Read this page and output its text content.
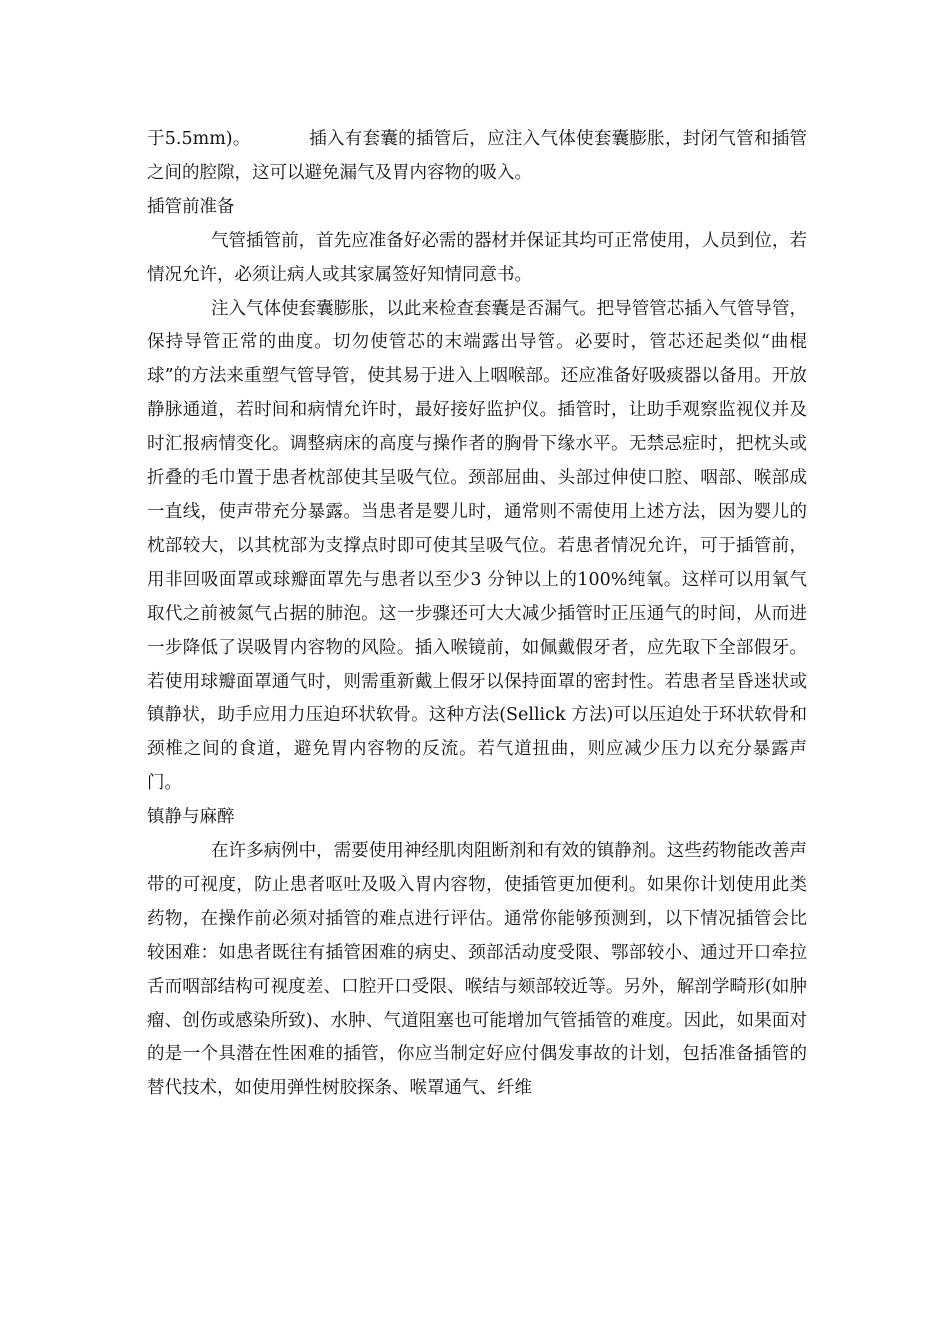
于5.5mm)。          插入有套囊的插管后，应注入气体使套囊膨胀，封闭气管和插管之间的腔隙，这可以避免漏气及胃内容物的吸入。

插管前准备

气管插管前，首先应准备好必需的器材并保证其均可正常使用，人员到位，若情况允许，必须让病人或其家属签好知情同意书。

注入气体使套囊膨胀，以此来检查套囊是否漏气。把导管管芯插入气管导管，保持导管正常的曲度。切勿使管芯的末端露出导管。必要时，管芯还起类似“曲棍球”的方法来重塑气管导管，使其易于进入上咽喉部。还应准备好吸痰器以备用。开放静脉通道，若时间和病情允许时，最好接好监护仪。插管时，让助手观察监视仪并及时汇报病情变化。调整病床的高度与操作者的胸骨下缘水平。无禁忌症时，把枕头或折叠的毛巾置于患者枕部使其呈吸气位。颈部屈曲、头部过伸使口腔、咽部、喉部成一直线，使声带充分暴露。当患者是婴儿时，通常则不需使用上述方法，因为婴儿的枕部较大，以其枕部为支撑点时即可使其呈吸气位。若患者情况允许，可于插管前，用非回吸面罩或球瓣面罩先与患者以至少3 分钟以上的100%纯氧。这样可以用氧气取代之前被氮气占据的肺泡。这一步骤还可大大减少插管时正压通气的时间，从而进一步降低了误吸胃内容物的风险。插入喉镜前，如佩戴假牙者，应先取下全部假牙。若使用球瓣面罩通气时，则需重新戴上假牙以保持面罩的密封性。若患者呈昏迷状或镇静状，助手应用力压迫环状软骨。这种方法(Sellick 方法)可以压迫处于环状软骨和颈椎之间的食道，避免胃内容物的反流。若气道扭曲，则应减少压力以充分暴露声门。

镇静与麻醉

在许多病例中，需要使用神经肌肉阻断剂和有效的镇静剂。这些药物能改善声带的可视度，防止患者呕吐及吸入胃内容物，使插管更加便利。如果你计划使用此类药物，在操作前必须对插管的难点进行评估。通常你能够预测到，以下情况插管会比较困难：如患者既往有插管困难的病史、颈部活动度受限、鄂部较小、通过开口牵拉舌而咽部结构可视度差、口腔开口受限、喉结与颏部较近等。另外，解剖学畸形(如肿瘤、创伤或感染所致)、水肿、气道阻塞也可能增加气管插管的难度。因此，如果面对的是一个具潜在性困难的插管，你应当制定好应付偶发事故的计划，包括准备插管的替代技术，如使用弹性树胶探条、喉罩通气、纤维
